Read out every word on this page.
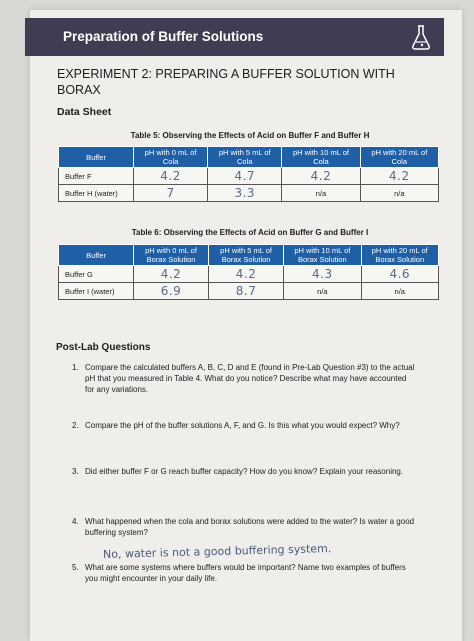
Preparation of Buffer Solutions
EXPERIMENT 2: PREPARING A BUFFER SOLUTION WITH BORAX
Data Sheet
Table 5: Observing the Effects of Acid on Buffer F and Buffer H
Buffer	pH with 0 mL of Cola	pH with 5 mL of Cola	pH with 10 mL of Cola	pH with 20 mL of Cola
Buffer F	4.2	4.7	4.2	4.2
Buffer H (water)	7	3.3	n/a	n/a
Table 6: Observing the Effects of Acid on Buffer G and Buffer I
Buffer	pH with 0 mL of Borax Solution	pH with 5 mL of Borax Solution	pH with 10 mL of Borax Solution	pH with 20 mL of Borax Solution
Buffer G	4.2	4.2	4.3	4.6
Buffer I (water)	6.9	8.7	n/a	n/a
Post-Lab Questions
1. Compare the calculated buffers A, B, C, D and E (found in Pre-Lab Question #3) to the actual pH that you measured in Table 4. What do you notice? Describe what may have accounted for any variations.
2. Compare the pH of the buffer solutions A, F, and G. Is this what you would expect? Why?
3. Did either buffer F or G reach buffer capacity? How do you know? Explain your reasoning.
4. What happened when the cola and borax solutions were added to the water? Is water a good buffering system?
No, water is not a good buffering system.
5. What are some systems where buffers would be important? Name two examples of buffers you might encounter in your daily life.
